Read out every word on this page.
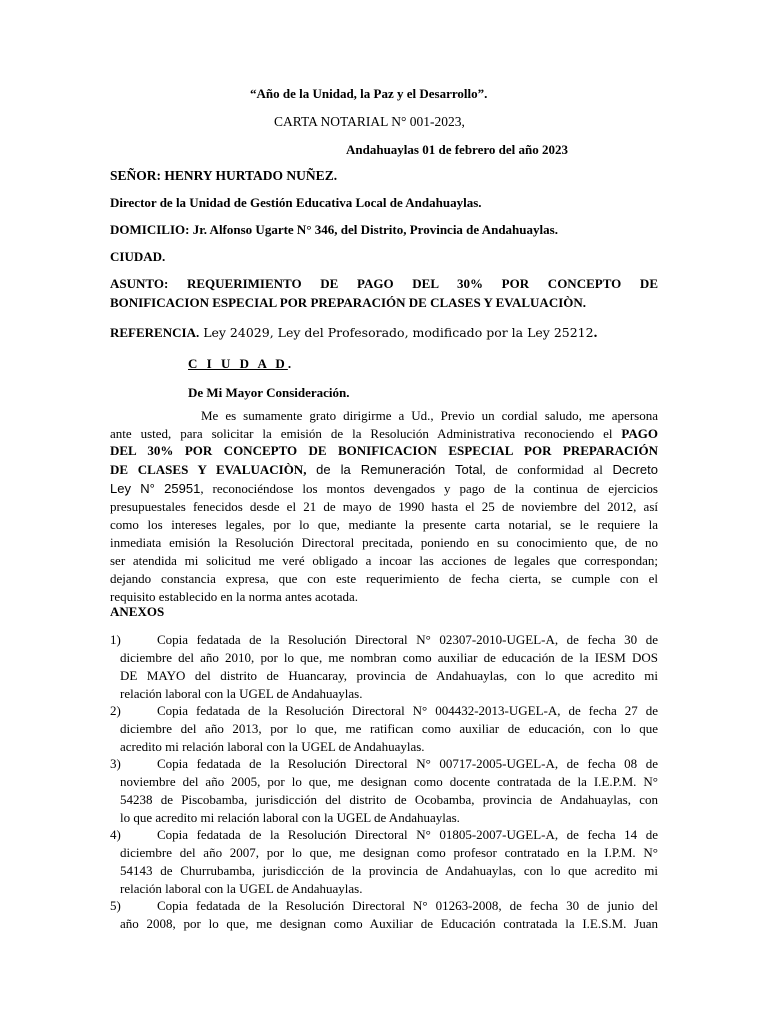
“Año de la Unidad, la Paz y el Desarrollo”.
CARTA NOTARIAL N° 001-2023,
Andahuaylas 01 de febrero del año 2023
SEÑOR: HENRY HURTADO NUÑEZ.
Director de la Unidad de Gestión Educativa Local de Andahuaylas.
DOMICILIO: Jr. Alfonso Ugarte N° 346, del Distrito, Provincia de Andahuaylas.
CIUDAD.
ASUNTO: REQUERIMIENTO DE PAGO DEL 30% POR CONCEPTO DE
BONIFICACION ESPECIAL POR PREPARACIÓN DE CLASES Y EVALUACIÒN.
REFERENCIA. Ley 24029, Ley del Profesorado, modificado por la Ley 25212.
C I U D A D.
De Mi Mayor Consideración.
Me es sumamente grato dirigirme a Ud., Previo un cordial saludo, me apersona
ante usted, para solicitar la emisión de la Resolución Administrativa reconociendo el PAGO
DEL 30% POR CONCEPTO DE BONIFICACION ESPECIAL POR PREPARACIÓN
DE CLASES Y EVALUACIÒN, de la Remuneración Total, de conformidad al Decreto
Ley N° 25951, reconociéndose los montos devengados y pago de la continua de ejercicios
presupuestales fenecidos desde el 21 de mayo de 1990 hasta el 25 de noviembre del 2012, así
como los intereses legales, por lo que, mediante la presente carta notarial, se le requiere la
inmediata emisión la Resolución Directoral precitada, poniendo en su conocimiento que, de no
ser atendida mi solicitud me veré obligado a incoar las acciones de legales que correspondan;
dejando constancia expresa, que con este requerimiento de fecha cierta, se cumple con el
requisito establecido en la norma antes acotada.
ANEXOS
1)	Copia fedatada de la Resolución Directoral N° 02307-2010-UGEL-A, de fecha 30 de
diciembre del año 2010, por lo que, me nombran como auxiliar de educación de la IESM DOS
DE MAYO del distrito de Huancaray, provincia de Andahuaylas, con lo que acredito mi
relación laboral con la UGEL de Andahuaylas.
2)	Copia fedatada de la Resolución Directoral N° 004432-2013-UGEL-A, de fecha 27 de
diciembre del año 2013, por lo que, me ratifican como auxiliar de educación, con lo que
acredito mi relación laboral con la UGEL de Andahuaylas.
3)	Copia fedatada de la Resolución Directoral N° 00717-2005-UGEL-A, de fecha 08 de
noviembre del año 2005, por lo que, me designan como docente contratada de la I.E.P.M. N°
54238 de Piscobamba, jurisdicción del distrito de Ocobamba, provincia de Andahuaylas, con
lo que acredito mi relación laboral con la UGEL de Andahuaylas.
4)	Copia fedatada de la Resolución Directoral N° 01805-2007-UGEL-A, de fecha 14 de
diciembre del año 2007, por lo que, me designan como profesor contratado en la I.P.M. N°
54143 de Churrubamba, jurisdicción de la provincia de Andahuaylas, con lo que acredito mi
relación laboral con la UGEL de Andahuaylas.
5)	Copia fedatada de la Resolución Directoral N° 01263-2008, de fecha 30 de junio del
año 2008, por lo que, me designan como Auxiliar de Educación contratada la I.E.S.M. Juan
